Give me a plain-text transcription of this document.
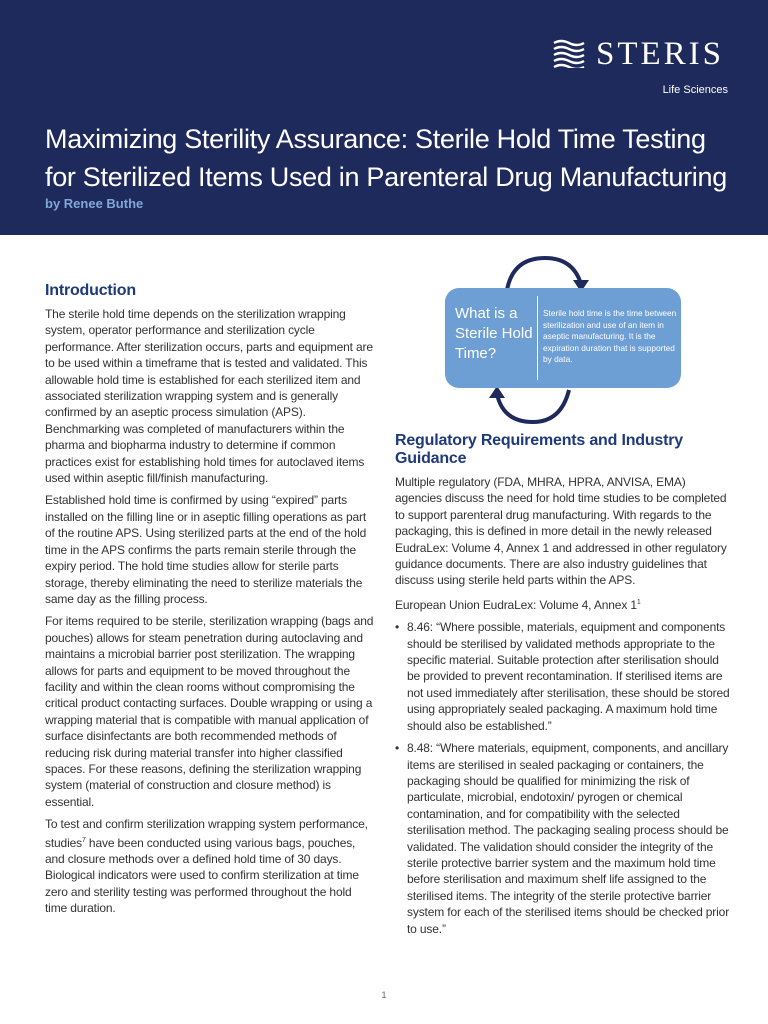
STERIS
Life Sciences
Maximizing Sterility Assurance: Sterile Hold Time Testing for Sterilized Items Used in Parenteral Drug Manufacturing
by Renee Buthe
Introduction

The sterile hold time depends on the sterilization wrapping system, operator performance and sterilization cycle performance. After sterilization occurs, parts and equipment are to be used within a timeframe that is tested and validated. This allowable hold time is established for each sterilized item and associated sterilization wrapping system and is generally confirmed by an aseptic process simulation (APS). Benchmarking was completed of manufacturers within the pharma and biopharma industry to determine if common practices exist for establishing hold times for autoclaved items used within aseptic fill/finish manufacturing.

Established hold time is confirmed by using “expired” parts installed on the filling line or in aseptic filling operations as part of the routine APS. Using sterilized parts at the end of the hold time in the APS confirms the parts remain sterile through the expiry period. The hold time studies allow for sterile parts storage, thereby eliminating the need to sterilize materials the same day as the filling process.

For items required to be sterile, sterilization wrapping (bags and pouches) allows for steam penetration during autoclaving and maintains a microbial barrier post sterilization. The wrapping allows for parts and equipment to be moved throughout the facility and within the clean rooms without compromising the critical product contacting surfaces. Double wrapping or using a wrapping material that is compatible with manual application of surface disinfectants are both recommended methods of reducing risk during material transfer into higher classified spaces. For these reasons, defining the sterilization wrapping system (material of construction and closure method) is essential.

To test and confirm sterilization wrapping system performance, studies$^7$ have been conducted using various bags, pouches, and closure methods over a defined hold time of 30 days. Biological indicators were used to confirm sterilization at time zero and sterility testing was performed throughout the hold time duration.

What is a Sterile Hold Time?
Sterile hold time is the time between sterilization and use of an item in aseptic manufacturing. It is the expiration duration that is supported by data.
Regulatory Requirements and Industry Guidance

Multiple regulatory (FDA, MHRA, HPRA, ANVISA, EMA) agencies discuss the need for hold time studies to be completed to support parenteral drug manufacturing. With regards to the packaging, this is defined in more detail in the newly released EudraLex: Volume 4, Annex 1 and addressed in other regulatory guidance documents. There are also industry guidelines that discuss using sterile held parts within the APS.

European Union EudraLex: Volume 4, Annex $1^1$

• 8.46: “Where possible, materials, equipment and components should be sterilised by validated methods appropriate to the specific material. Suitable protection after sterilisation should be provided to prevent recontamination. If sterilised items are not used immediately after sterilisation, these should be stored using appropriately sealed packaging. A maximum hold time should also be established.”

• 8.48: “Where materials, equipment, components, and ancillary items are sterilised in sealed packaging or containers, the packaging should be qualified for minimizing the risk of particulate, microbial, endotoxin/ pyrogen or chemical contamination, and for compatibility with the selected sterilisation method. The packaging sealing process should be validated. The validation should consider the integrity of the sterile protective barrier system and the maximum hold time before sterilisation and maximum shelf life assigned to the sterilised items. The integrity of the sterile protective barrier system for each of the sterilised items should be checked prior to use.”

1
